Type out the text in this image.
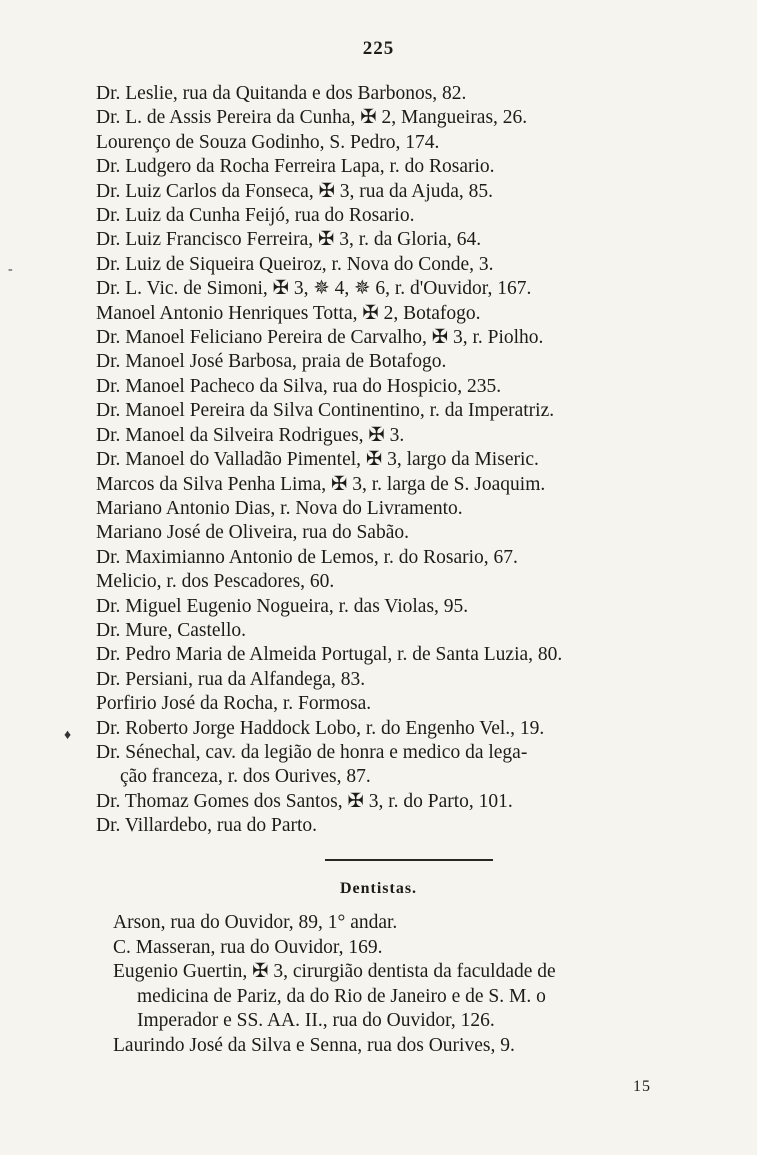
225
-
♦
Dr. Leslie, rua da Quitanda e dos Barbonos, 82.
Dr. L. de Assis Pereira da Cunha, ✠ 2, Mangueiras, 26.
Lourenço de Souza Godinho, S. Pedro, 174.
Dr. Ludgero da Rocha Ferreira Lapa, r. do Rosario.
Dr. Luiz Carlos da Fonseca, ✠ 3, rua da Ajuda, 85.
Dr. Luiz da Cunha Feijó, rua do Rosario.
Dr. Luiz Francisco Ferreira, ✠ 3, r. da Gloria, 64.
Dr. Luiz de Siqueira Queiroz, r. Nova do Conde, 3.
Dr. L. Vic. de Simoni, ✠ 3, ✵ 4, ✵ 6, r. d'Ouvidor, 167.
Manoel Antonio Henriques Totta, ✠ 2, Botafogo.
Dr. Manoel Feliciano Pereira de Carvalho, ✠ 3, r. Piolho.
Dr. Manoel José Barbosa, praia de Botafogo.
Dr. Manoel Pacheco da Silva, rua do Hospicio, 235.
Dr. Manoel Pereira da Silva Continentino, r. da Imperatriz.
Dr. Manoel da Silveira Rodrigues, ✠ 3.
Dr. Manoel do Valladão Pimentel, ✠ 3, largo da Miseric.
Marcos da Silva Penha Lima, ✠ 3, r. larga de S. Joaquim.
Mariano Antonio Dias, r. Nova do Livramento.
Mariano José de Oliveira, rua do Sabão.
Dr. Maximianno Antonio de Lemos, r. do Rosario, 67.
Melicio, r. dos Pescadores, 60.
Dr. Miguel Eugenio Nogueira, r. das Violas, 95.
Dr. Mure, Castello.
Dr. Pedro Maria de Almeida Portugal, r. de Santa Luzia, 80.
Dr. Persiani, rua da Alfandega, 83.
Porfirio José da Rocha, r. Formosa.
Dr. Roberto Jorge Haddock Lobo, r. do Engenho Vel., 19.
Dr. Sénechal, cav. da legião de honra e medico da lega-
ção franceza, r. dos Ourives, 87.
Dr. Thomaz Gomes dos Santos, ✠ 3, r. do Parto, 101.
Dr. Villardebo, rua do Parto.
Dentistas.
Arson, rua do Ouvidor, 89, 1° andar.
C. Masseran, rua do Ouvidor, 169.
Eugenio Guertin, ✠ 3, cirurgião dentista da faculdade de
medicina de Pariz, da do Rio de Janeiro e de S. M. o
Imperador e SS. AA. II., rua do Ouvidor, 126.
Laurindo José da Silva e Senna, rua dos Ourives, 9.
15
